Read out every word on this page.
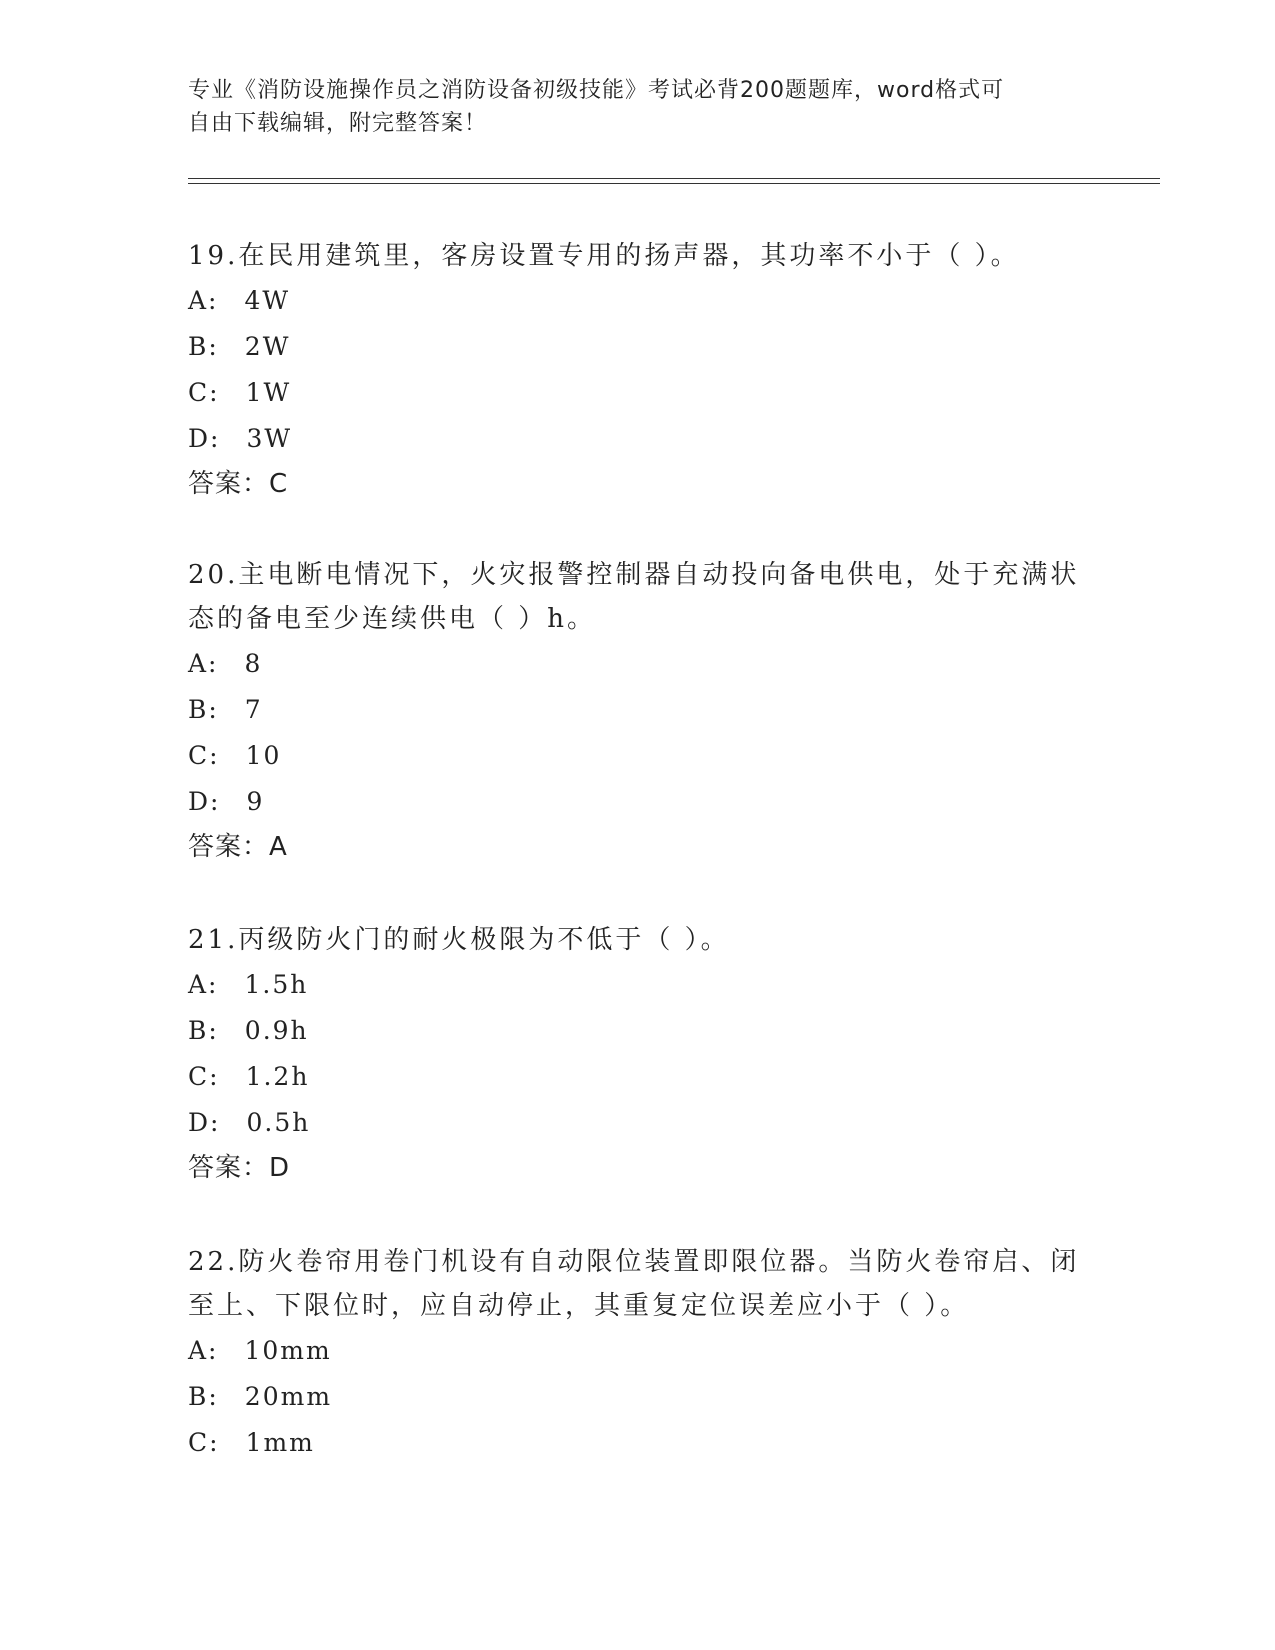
专业《消防设施操作员之消防设备初级技能》考试必背200题题库，word格式可
自由下载编辑，附完整答案！

19.在民用建筑里，客房设置专用的扬声器，其功率不小于（ ）。

A: 4W

B: 2W

C: 1W

D: 3W

答案：C

20.主电断电情况下，火灾报警控制器自动投向备电供电，处于充满状

态的备电至少连续供电（ ）h。

A: 8

B: 7

C: 10

D: 9

答案：A

21.丙级防火门的耐火极限为不低于（ ）。

A: 1.5h

B: 0.9h

C: 1.2h

D: 0.5h

答案：D

22.防火卷帘用卷门机设有自动限位装置即限位器。当防火卷帘启、闭

至上、下限位时，应自动停止，其重复定位误差应小于（ ）。

A: 10mm

B: 20mm

C: 1mm
